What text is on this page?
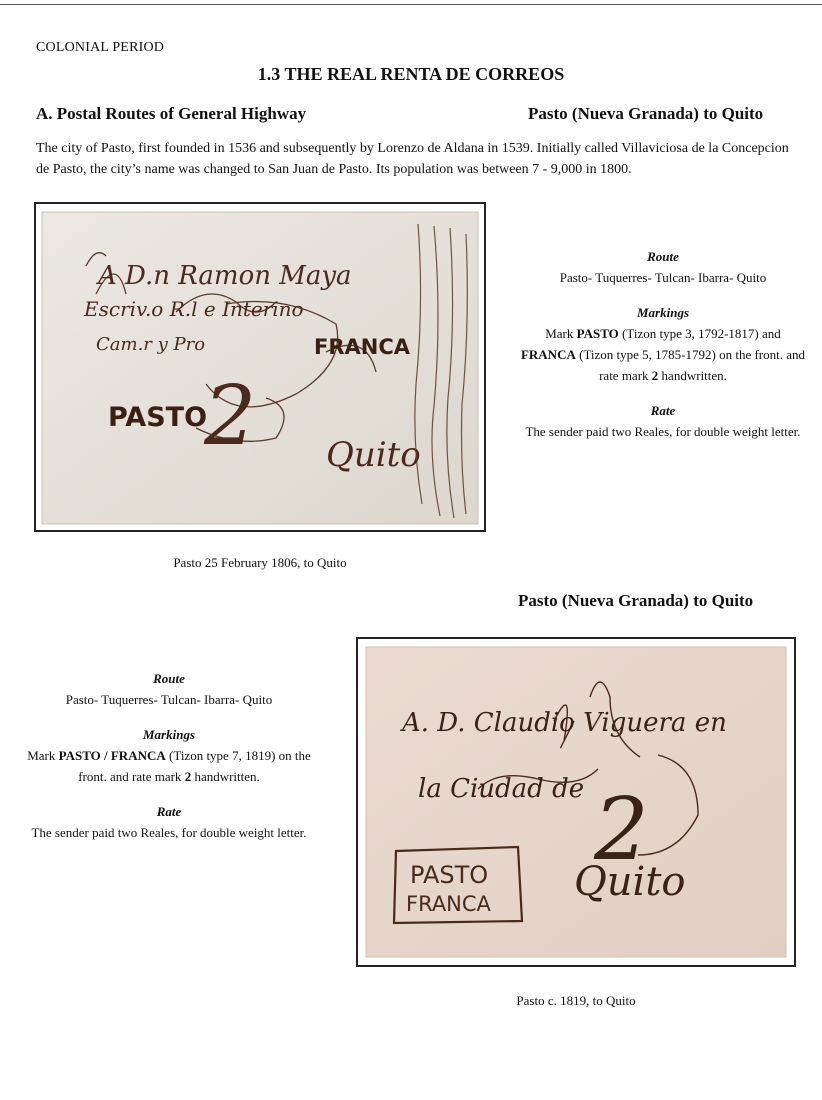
COLONIAL PERIOD
1.3 THE REAL RENTA DE CORREOS
A. Postal Routes of General Highway	Pasto (Nueva Granada) to Quito
The city of Pasto, first founded in 1536 and subsequently by Lorenzo de Aldana in 1539. Initially called Villaviciosa de la Concepcion de Pasto, the city’s name was changed to San Juan de Pasto. Its population was between 7 - 9,000 in 1800.
A D.n Ramon Maya
Escriv.o R.l e Interino
Cam.r y Pro
Quito
2
PASTO
FRANCA
Pasto 25 February 1806, to Quito
Route
Pasto- Tuquerres- Tulcan- Ibarra- Quito
Markings
Mark PASTO (Tizon type 3, 1792-1817) and FRANCA (Tizon type 5, 1785-1792) on the front. and rate mark 2 handwritten.
Rate
The sender paid two Reales, for double weight letter.
Pasto (Nueva Granada) to Quito
A. D. Claudio Viguera en
la Ciudad de
Quito
2
PASTO
FRANCA
Pasto c. 1819, to Quito
Route
Pasto- Tuquerres- Tulcan- Ibarra- Quito
Markings
Mark PASTO / FRANCA (Tizon type 7, 1819) on the front. and rate mark 2 handwritten.
Rate
The sender paid two Reales, for double weight letter.
